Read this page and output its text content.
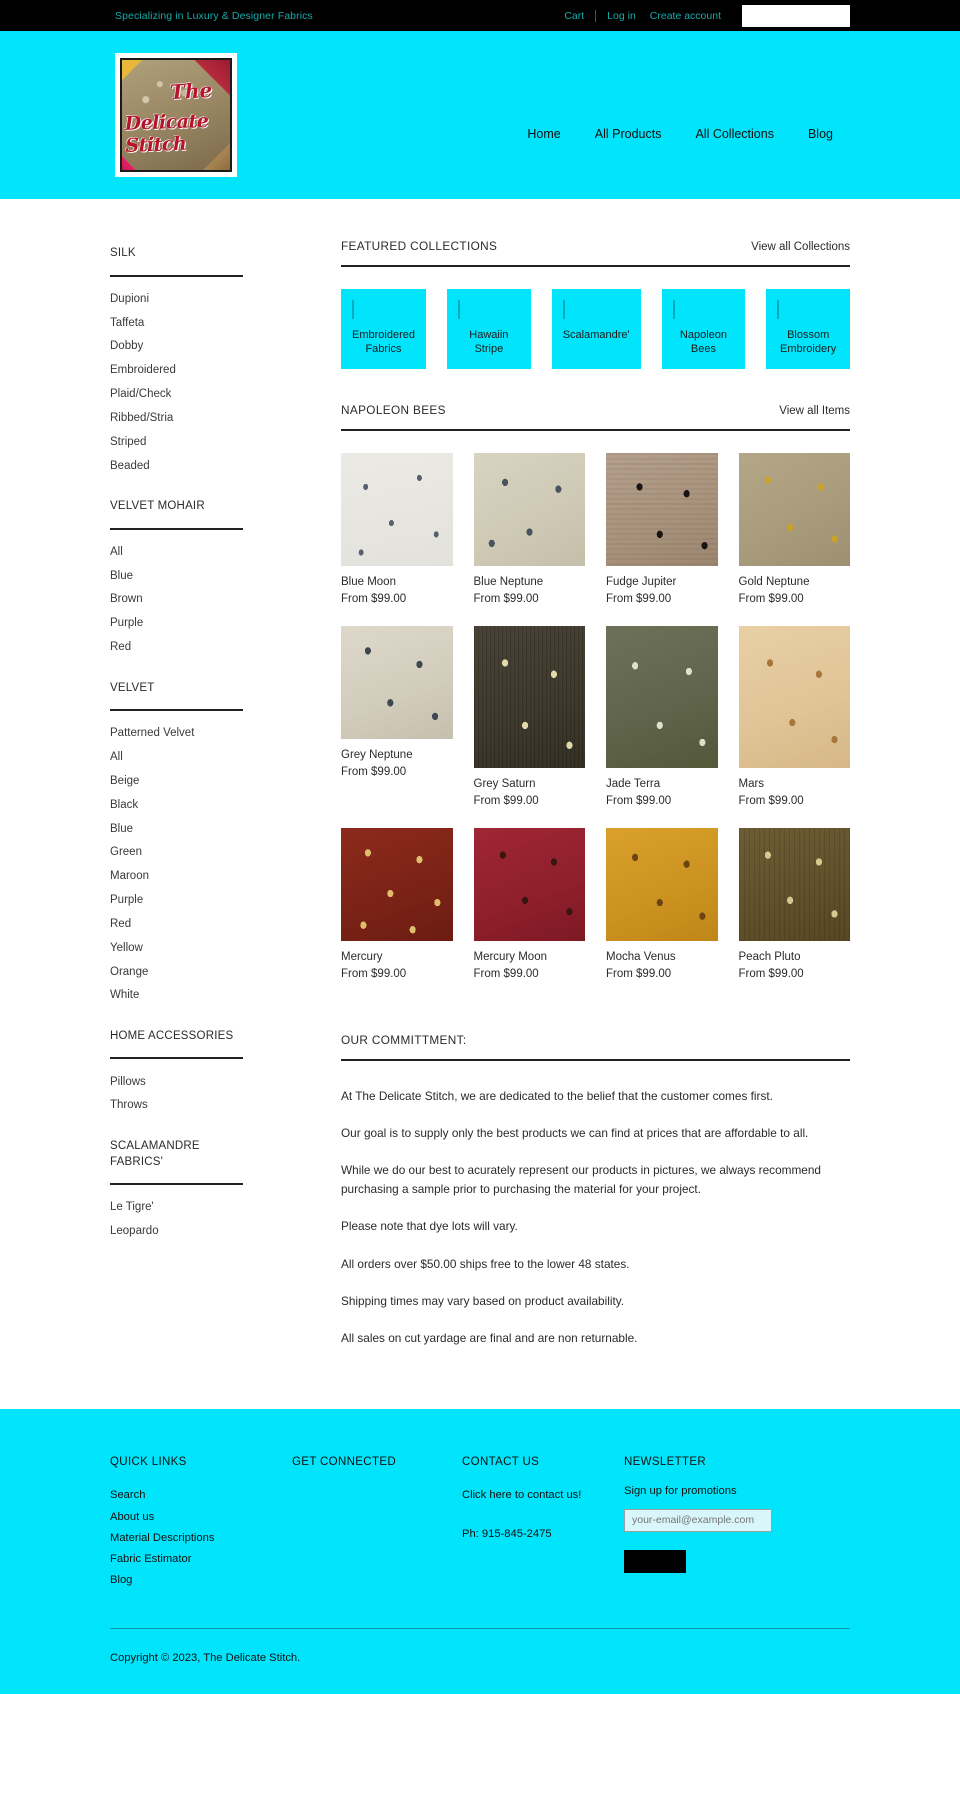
Specializing in Luxury & Designer Fabrics	Cart	Log in	Create account
The Delicate Stitch
Home	All Products	All Collections	Blog
SILK
Dupioni
Taffeta
Dobby
Embroidered
Plaid/Check
Ribbed/Stria
Striped
Beaded
VELVET MOHAIR
All
Blue
Brown
Purple
Red
VELVET
Patterned Velvet
All
Beige
Black
Blue
Green
Maroon
Purple
Red
Yellow
Orange
White
HOME ACCESSORIES
Pillows
Throws
SCALAMANDRE FABRICS'
Le Tigre'
Leopardo
FEATURED COLLECTIONS	View all Collections
Embroidered Fabrics
Hawaiin Stripe
Scalamandre'	Napoleon Bees
Blossom Embroidery
NAPOLEON BEES	View all Items
Blue Moon
From $99.00
Blue Neptune
From $99.00
Fudge Jupiter
From $99.00
Gold Neptune
From $99.00
Grey Neptune
From $99.00
Grey Saturn
From $99.00
Jade Terra
From $99.00
Mars
From $99.00
Mercury
From $99.00
Mercury Moon
From $99.00
Mocha Venus
From $99.00
Peach Pluto
From $99.00
OUR COMMITTMENT:

At The Delicate Stitch, we are dedicated to the belief that the customer comes first.

Our goal is to supply only the best products we can find at prices that are affordable to all.

While we do our best to acurately represent our products in pictures, we always recommend purchasing a sample prior to purchasing the material for your project.

Please note that dye lots will vary.

All orders over $50.00 ships free to the lower 48 states.

Shipping times may vary based on product availability.

All sales on cut yardage are final and are non returnable.

QUICK LINKS
Search
About us
Material Descriptions
Fabric Estimator
Blog
GET CONNECTED	CONTACT US
Click here to contact us!
Ph: 915-845-2475
NEWSLETTER
Sign up for promotions
your-email@example.com
Copyright © 2023, The Delicate Stitch.
